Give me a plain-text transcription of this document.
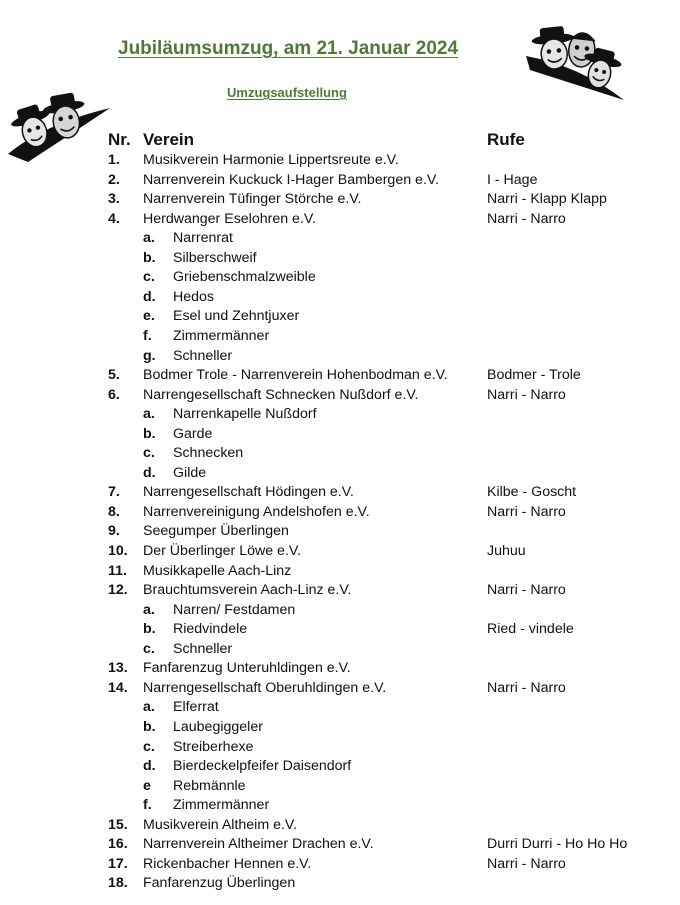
Jubiläumsumzug, am 21. Januar 2024
Umzugsaufstellung
Nr. Verein	Rufe
1. Musikverein Harmonie Lippertsreute e.V.
2. Narrenverein Kuckuck I-Hager Bambergen e.V.	I - Hage
3. Narrenverein Tüfinger Störche e.V.	Narri - Klapp Klapp
4. Herdwanger Eselohren e.V.	Narri - Narro
a. Narrenrat
b. Silberschweif
c. Griebenschmalzweible
d. Hedos
e. Esel und Zehntjuxer
f. Zimmermänner
g. Schneller
5. Bodmer Trole - Narrenverein Hohenbodman e.V.	Bodmer - Trole
6. Narrengesellschaft Schnecken Nußdorf e.V.	Narri - Narro
a. Narrenkapelle Nußdorf
b. Garde
c. Schnecken
d. Gilde
7. Narrengesellschaft Hödingen e.V.	Kilbe - Goscht
8. Narrenvereinigung Andelshofen e.V.	Narri - Narro
9. Seegumper Überlingen
10. Der Überlinger Löwe e.V.	Juhuu
11. Musikkapelle Aach-Linz
12. Brauchtumsverein Aach-Linz e.V.	Narri - Narro
a. Narren/ Festdamen
b. Riedvindele	Ried - vindele
c. Schneller
13. Fanfarenzug Unteruhldingen e.V.
14. Narrengesellschaft Oberuhldingen e.V.	Narri - Narro
a. Elferrat
b. Laubegiggeler
c. Streiberhexe
d. Bierdeckelpfeifer Daisendorf
e Rebmännle
f. Zimmermänner
15. Musikverein Altheim e.V.
16. Narrenverein Altheimer Drachen e.V.	Durri Durri - Ho Ho Ho
17. Rickenbacher Hennen e.V.	Narri - Narro
18. Fanfarenzug Überlingen
